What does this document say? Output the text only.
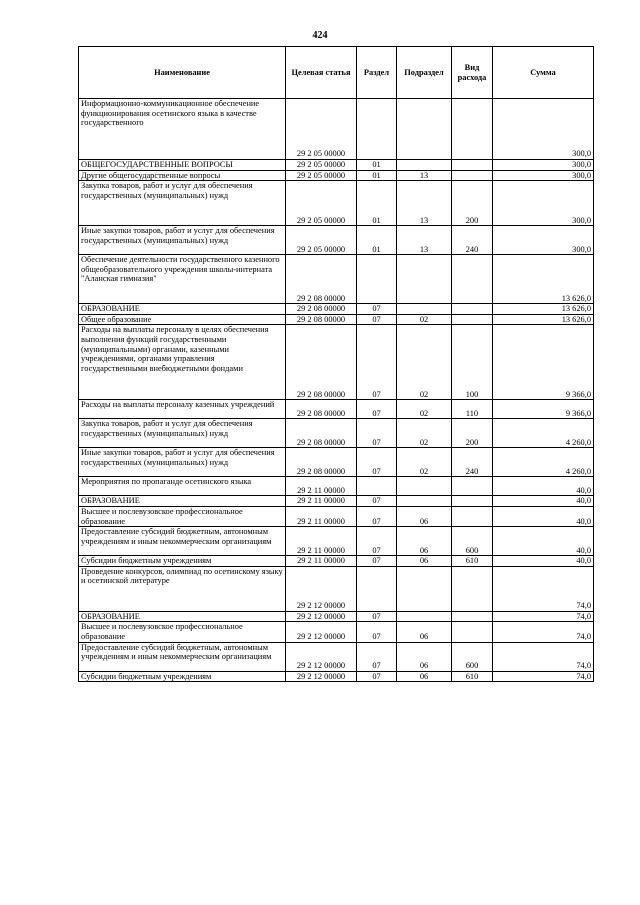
424
Наименование	Целевая статья	Раздел	Подраздел	Вид расхода	Сумма

Информационно-коммуникационное обеспечение функционирования осетинского языка в качестве государственного	29 2 05 00000				300,0

ОБЩЕГОСУДАРСТВЕННЫЕ ВОПРОСЫ	29 2 05 00000	01			300,0

Другие общегосударственные вопросы	29 2 05 00000	01	13		300,0

Закупка товаров, работ и услуг для обеспечения государственных (муниципальных) нужд	29 2 05 00000	01	13	200	300,0

Иные закупки товаров, работ и услуг для обеспечения государственных (муниципальных) нужд	29 2 05 00000	01	13	240	300,0

Обеспечение деятельности государственного казенного общеобразовательного учреждения школы-интерната "Аланская гимназия"	29 2 08 00000				13 626,0

ОБРАЗОВАНИЕ	29 2 08 00000	07			13 626,0

Общее образование	29 2 08 00000	07	02		13 626,0

Расходы на выплаты персоналу в целях обеспечения выполнения функций государственными (муниципальными) органами, казенными учреждениями, органами управления государственными внебюджетными фондами	29 2 08 00000	07	02	100	9 366,0

Расходы на выплаты персоналу казенных учреждений	29 2 08 00000	07	02	110	9 366,0

Закупка товаров, работ и услуг для обеспечения государственных (муниципальных) нужд	29 2 08 00000	07	02	200	4 260,0

Иные закупки товаров, работ и услуг для обеспечения государственных (муниципальных) нужд	29 2 08 00000	07	02	240	4 260,0

Мероприятия по пропаганде осетинского языка	29 2 11 00000				40,0

ОБРАЗОВАНИЕ	29 2 11 00000	07			40,0

Высшее и послевузовское профессиональное образование	29 2 11 00000	07	06		40,0

Предоставление субсидий бюджетным, автономным учреждениям и иным некоммерческим организациям	29 2 11 00000	07	06	600	40,0

Субсидии бюджетным учреждениям	29 2 11 00000	07	06	610	40,0

Проведение конкурсов, олимпиад по осетинскому языку и осетинской литературе	29 2 12 00000				74,0

ОБРАЗОВАНИЕ	29 2 12 00000	07			74,0

Высшее и послевузовское профессиональное образование	29 2 12 00000	07	06		74,0

Предоставление субсидий бюджетным, автономным учреждениям и иным некоммерческим организациям	29 2 12 00000	07	06	600	74,0

Субсидии бюджетным учреждениям	29 2 12 00000	07	06	610	74,0
